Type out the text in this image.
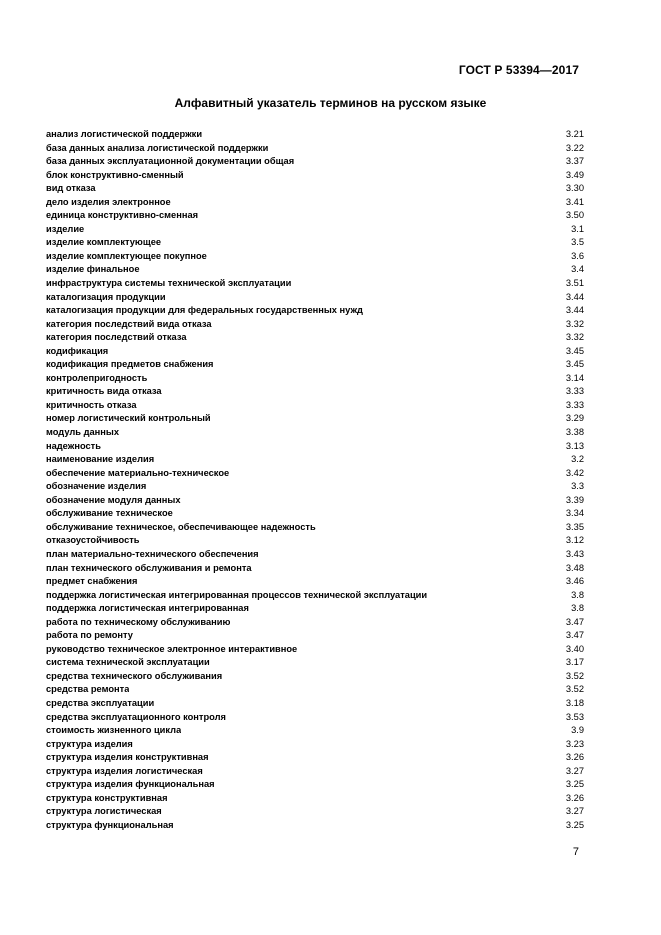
ГОСТ Р 53394—2017
Алфавитный указатель терминов на русском языке
анализ логистической поддержки	3.21
база данных анализа логистической поддержки	3.22
база данных эксплуатационной документации общая	3.37
блок конструктивно-сменный	3.49
вид отказа	3.30
дело изделия электронное	3.41
единица конструктивно-сменная	3.50
изделие	3.1
изделие комплектующее	3.5
изделие комплектующее покупное	3.6
изделие финальное	3.4
инфраструктура системы технической эксплуатации	3.51
каталогизация продукции	3.44
каталогизация продукции для федеральных государственных нужд	3.44
категория последствий вида отказа	3.32
категория последствий отказа	3.32
кодификация	3.45
кодификация предметов снабжения	3.45
контролепригодность	3.14
критичность вида отказа	3.33
критичность отказа	3.33
номер логистический контрольный	3.29
модуль данных	3.38
надежность	3.13
наименование изделия	3.2
обеспечение материально-техническое	3.42
обозначение изделия	3.3
обозначение модуля данных	3.39
обслуживание техническое	3.34
обслуживание техническое, обеспечивающее надежность	3.35
отказоустойчивость	3.12
план материально-технического обеспечения	3.43
план технического обслуживания и ремонта	3.48
предмет снабжения	3.46
поддержка логистическая интегрированная процессов технической эксплуатации	3.8
поддержка логистическая интегрированная	3.8
работа по техническому обслуживанию	3.47
работа по ремонту	3.47
руководство техническое электронное интерактивное	3.40
система технической эксплуатации	3.17
средства технического обслуживания	3.52
средства ремонта	3.52
средства эксплуатации	3.18
средства эксплуатационного контроля	3.53
стоимость жизненного цикла	3.9
структура изделия	3.23
структура изделия конструктивная	3.26
структура изделия логистическая	3.27
структура изделия функциональная	3.25
структура конструктивная	3.26
структура логистическая	3.27
структура функциональная	3.25
7
